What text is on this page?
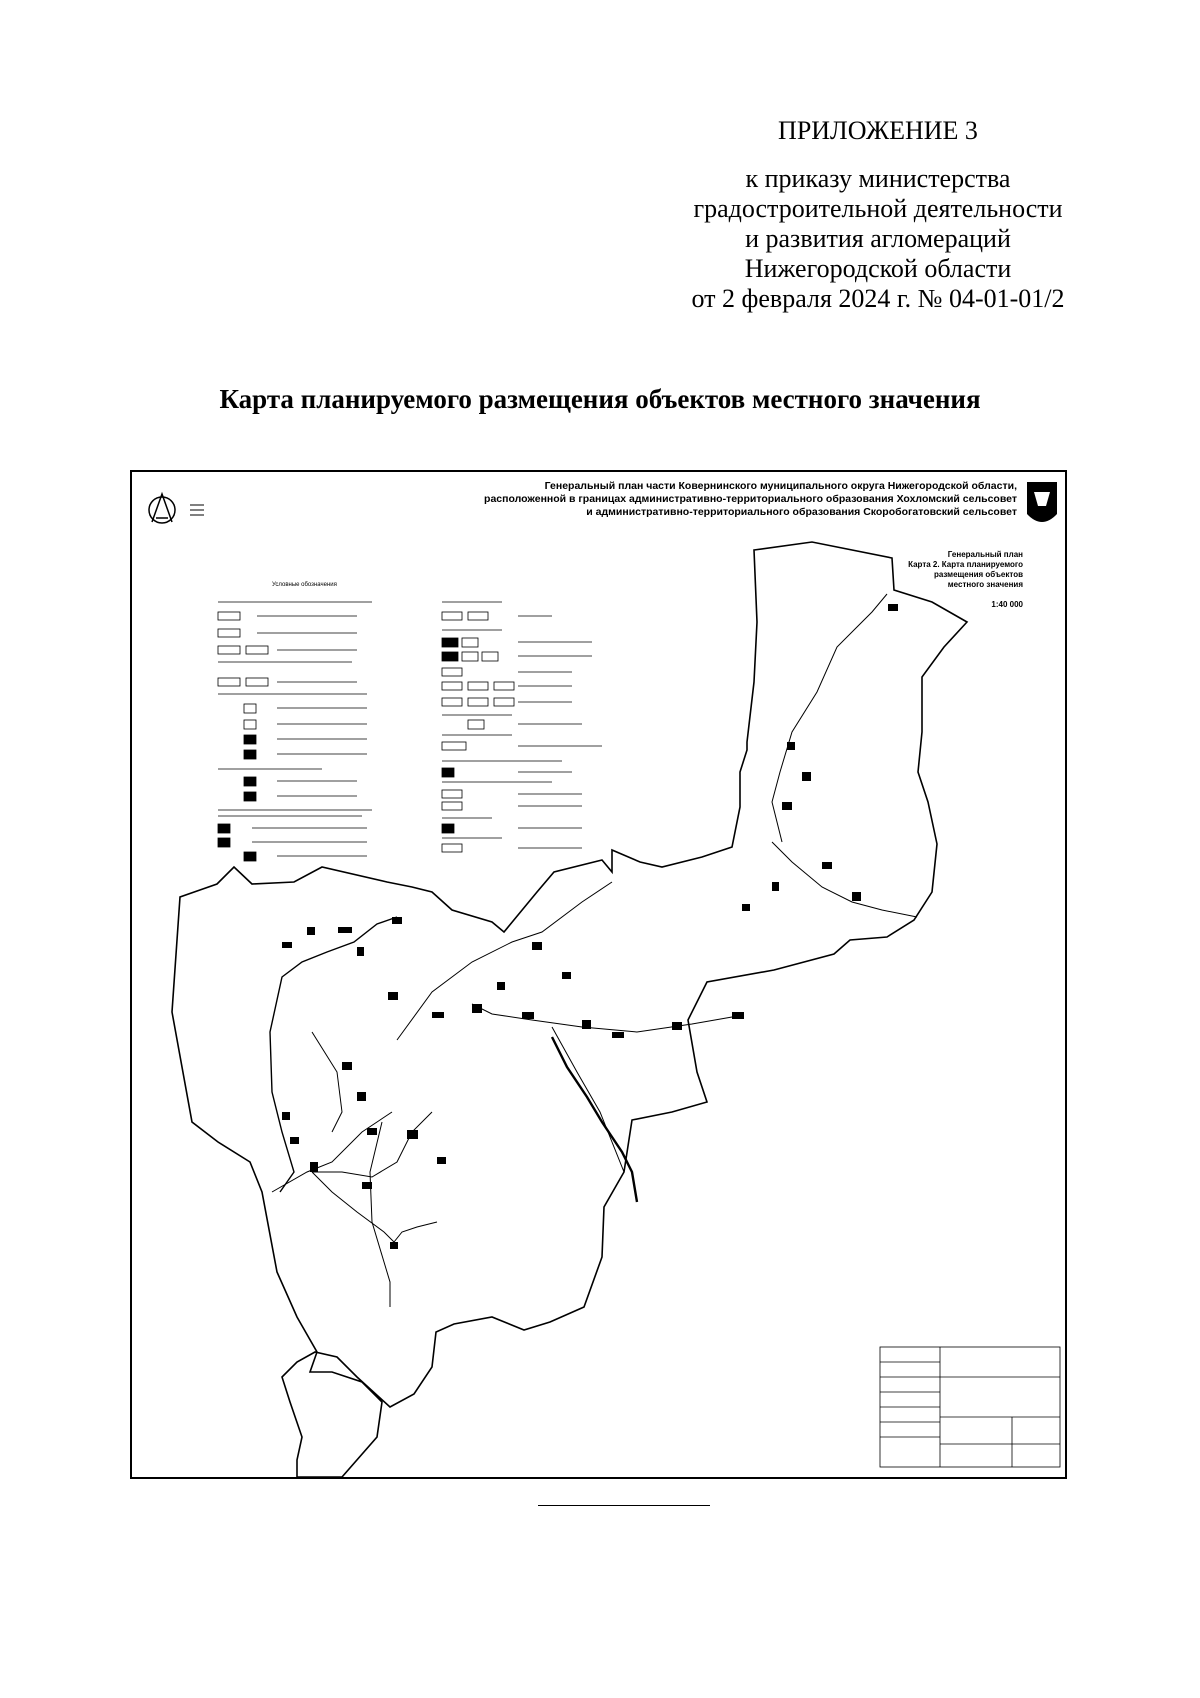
ПРИЛОЖЕНИЕ 3
к приказу министерства
градостроительной деятельности
и развития агломераций
Нижегородской области
от 2 февраля 2024 г. № 04-01-01/2
Карта планируемого размещения объектов местного значения
Генеральный план части Ковернинского муниципального округа Нижегородской области,
расположенной в границах административно-территориального образования Хохломский сельсовет
и административно-территориального образования Скоробогатовский сельсовет
Генеральный план
Карта 2. Карта планируемого
размещения объектов
местного значения
1:40 000
Условные обозначения
